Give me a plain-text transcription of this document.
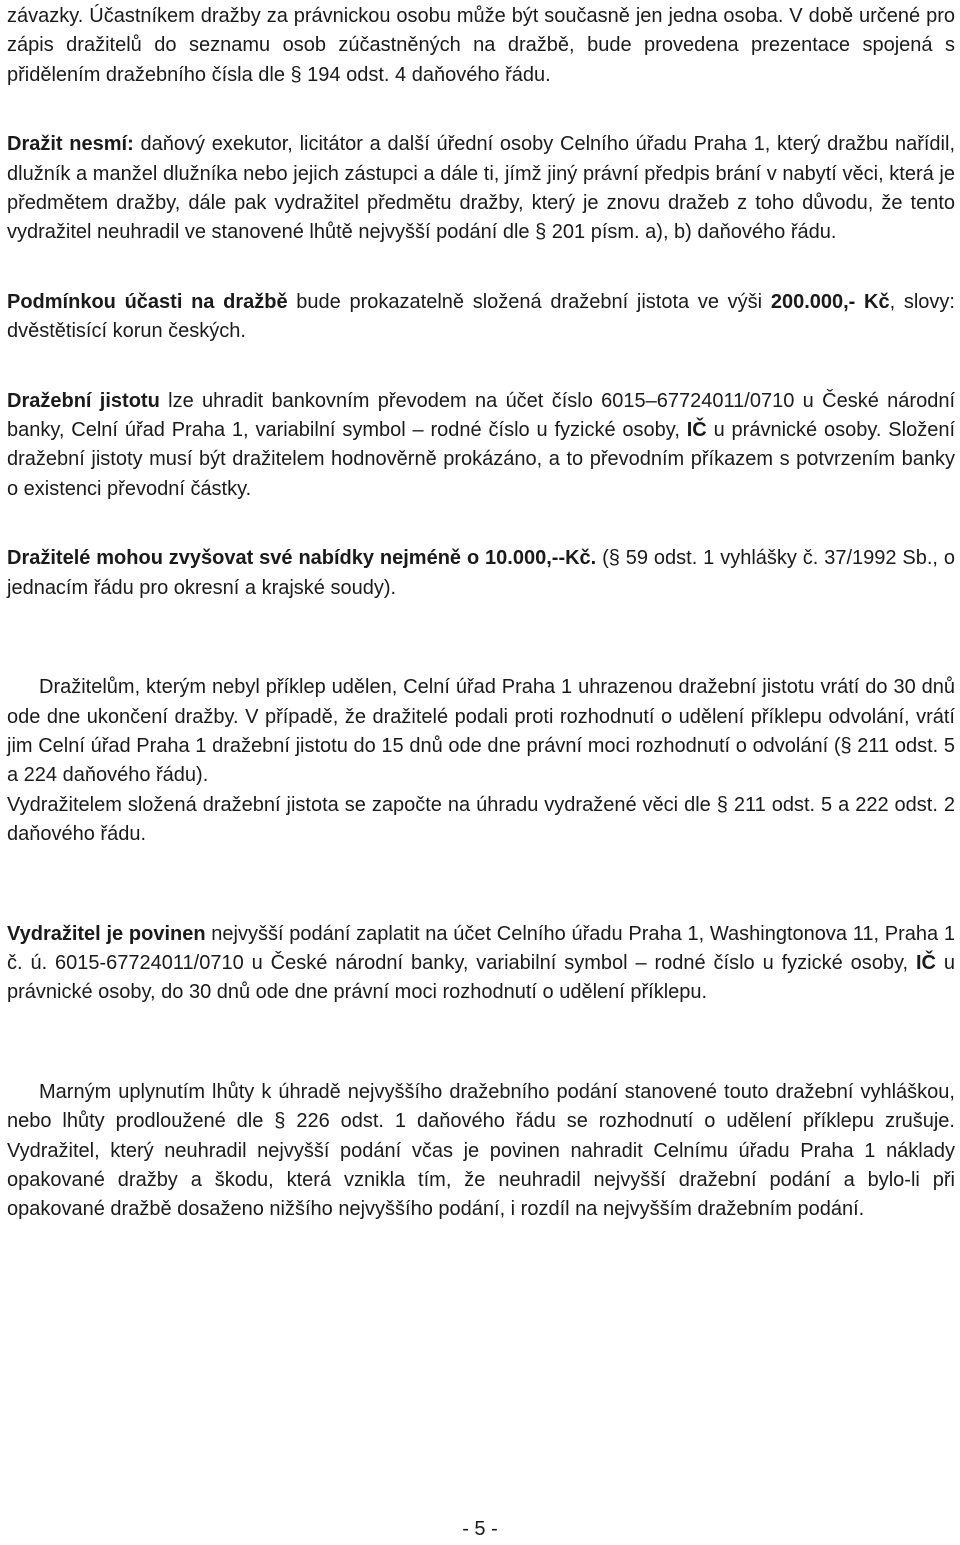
závazky. Účastníkem dražby za právnickou osobu může být současně jen jedna osoba. V době určené pro zápis dražitelů do seznamu osob zúčastněných na dražbě, bude provedena prezentace spojená s přidělením dražebního čísla dle § 194 odst. 4 daňového řádu.

Dražit nesmí: daňový exekutor, licitátor a další úřední osoby Celního úřadu Praha 1, který dražbu nařídil, dlužník a manžel dlužníka nebo jejich zástupci a dále ti, jímž jiný právní předpis brání v nabytí věci, která je předmětem dražby, dále pak vydražitel předmětu dražby, který je znovu dražeb z toho důvodu, že tento vydražitel neuhradil ve stanovené lhůtě nejvyšší podání dle § 201 písm. a), b) daňového řádu.

Podmínkou účasti na dražbě bude prokazatelně složená dražební jistota ve výši 200.000,- Kč, slovy: dvěstětisící korun českých.

Dražební jistotu lze uhradit bankovním převodem na účet číslo 6015–67724011/0710 u České národní banky, Celní úřad Praha 1, variabilní symbol – rodné číslo u fyzické osoby, IČ u právnické osoby. Složení dražební jistoty musí být dražitelem hodnověrně prokázáno, a to převodním příkazem s potvrzením banky o existenci převodní částky.

Dražitelé mohou zvyšovat své nabídky nejméně o 10.000,--Kč. (§ 59 odst. 1 vyhlášky č. 37/1992 Sb., o jednacím řádu pro okresní a krajské soudy).

Dražitelům, kterým nebyl příklep udělen, Celní úřad Praha 1 uhrazenou dražební jistotu vrátí do 30 dnů ode dne ukončení dražby. V případě, že dražitelé podali proti rozhodnutí o udělení příklepu odvolání, vrátí jim Celní úřad Praha 1 dražební jistotu do 15 dnů ode dne právní moci rozhodnutí o odvolání (§ 211 odst. 5 a 224 daňového řádu).

Vydražitelem složená dražební jistota se započte na úhradu vydražené věci dle § 211 odst. 5 a 222 odst. 2 daňového řádu.

Vydražitel je povinen nejvyšší podání zaplatit na účet Celního úřadu Praha 1, Washingtonova 11, Praha 1 č. ú. 6015-67724011/0710 u České národní banky, variabilní symbol – rodné číslo u fyzické osoby, IČ u právnické osoby, do 30 dnů ode dne právní moci rozhodnutí o udělení příklepu.

Marným uplynutím lhůty k úhradě nejvyššího dražebního podání stanovené touto dražební vyhláškou, nebo lhůty prodloužené dle § 226 odst. 1 daňového řádu se rozhodnutí o udělení příklepu zrušuje. Vydražitel, který neuhradil nejvyšší podání včas je povinen nahradit Celnímu úřadu Praha 1 náklady opakované dražby a škodu, která vznikla tím, že neuhradil nejvyšší dražební podání a bylo-li při opakované dražbě dosaženo nižšího nejvyššího podání, i rozdíl na nejvyšším dražebním podání.

- 5 -
